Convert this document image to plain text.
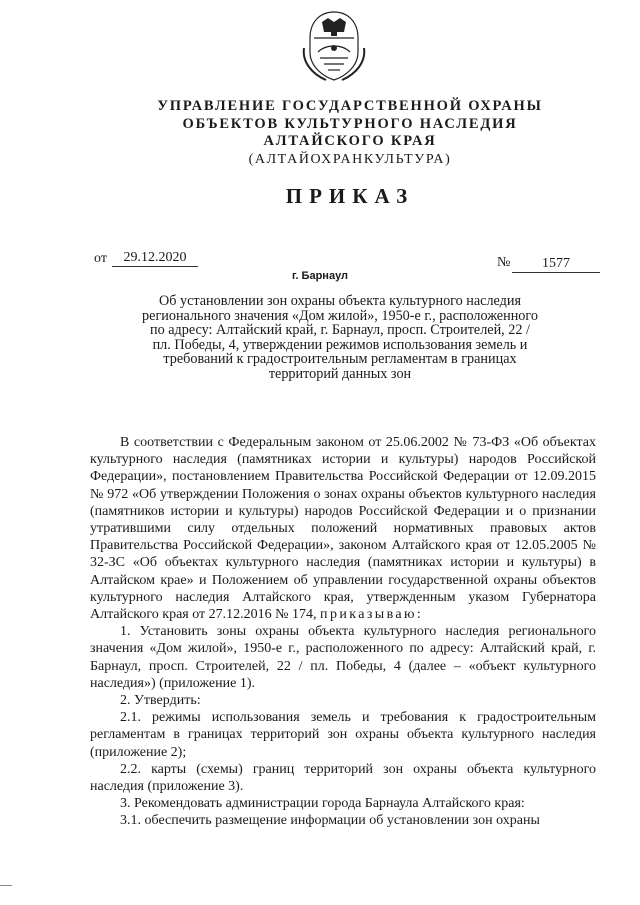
УПРАВЛЕНИЕ ГОСУДАРСТВЕННОЙ ОХРАНЫ
ОБЪЕКТОВ КУЛЬТУРНОГО НАСЛЕДИЯ
АЛТАЙСКОГО КРАЯ
(АЛТАЙОХРАНКУЛЬТУРА)
ПРИКАЗ
от	29.12.2020	№	1577
г. Барнаул
Об установлении зон охраны объекта культурного наследия регионального значения «Дом жилой», 1950-е г., расположенного по адресу: Алтайский край, г. Барнаул, просп. Строителей, 22 / пл. Победы, 4, утверждении режимов использования земель и требований к градостроительным регламентам в границах территорий данных зон

В соответствии с Федеральным законом от 25.06.2002 № 73-ФЗ «Об объектах культурного наследия (памятниках истории и культуры) народов Российской Федерации», постановлением Правительства Российской Федерации от 12.09.2015 № 972 «Об утверждении Положения о зонах охраны объектов культурного наследия (памятников истории и культуры) народов Российской Федерации и о признании утратившими силу отдельных положений нормативных правовых актов Правительства Российской Федерации», законом Алтайского края от 12.05.2005 № 32-ЗС «Об объектах культурного наследия (памятниках истории и культуры) в Алтайском крае» и Положением об управлении государственной охраны объектов культурного наследия Алтайского края, утвержденным указом Губернатора Алтайского края от 27.12.2016 № 174, приказываю:

1. Установить зоны охраны объекта культурного наследия регионального значения «Дом жилой», 1950-е г., расположенного по адресу: Алтайский край, г. Барнаул, просп. Строителей, 22 / пл. Победы, 4 (далее – «объект культурного наследия») (приложение 1).

2. Утвердить:

2.1. режимы использования земель и требования к градостроительным регламентам в границах территорий зон охраны объекта культурного наследия (приложение 2);

2.2. карты (схемы) границ территорий зон охраны объекта культурного наследия (приложение 3).

3. Рекомендовать администрации города Барнаула Алтайского края:

3.1. обеспечить размещение информации об установлении зон охраны
